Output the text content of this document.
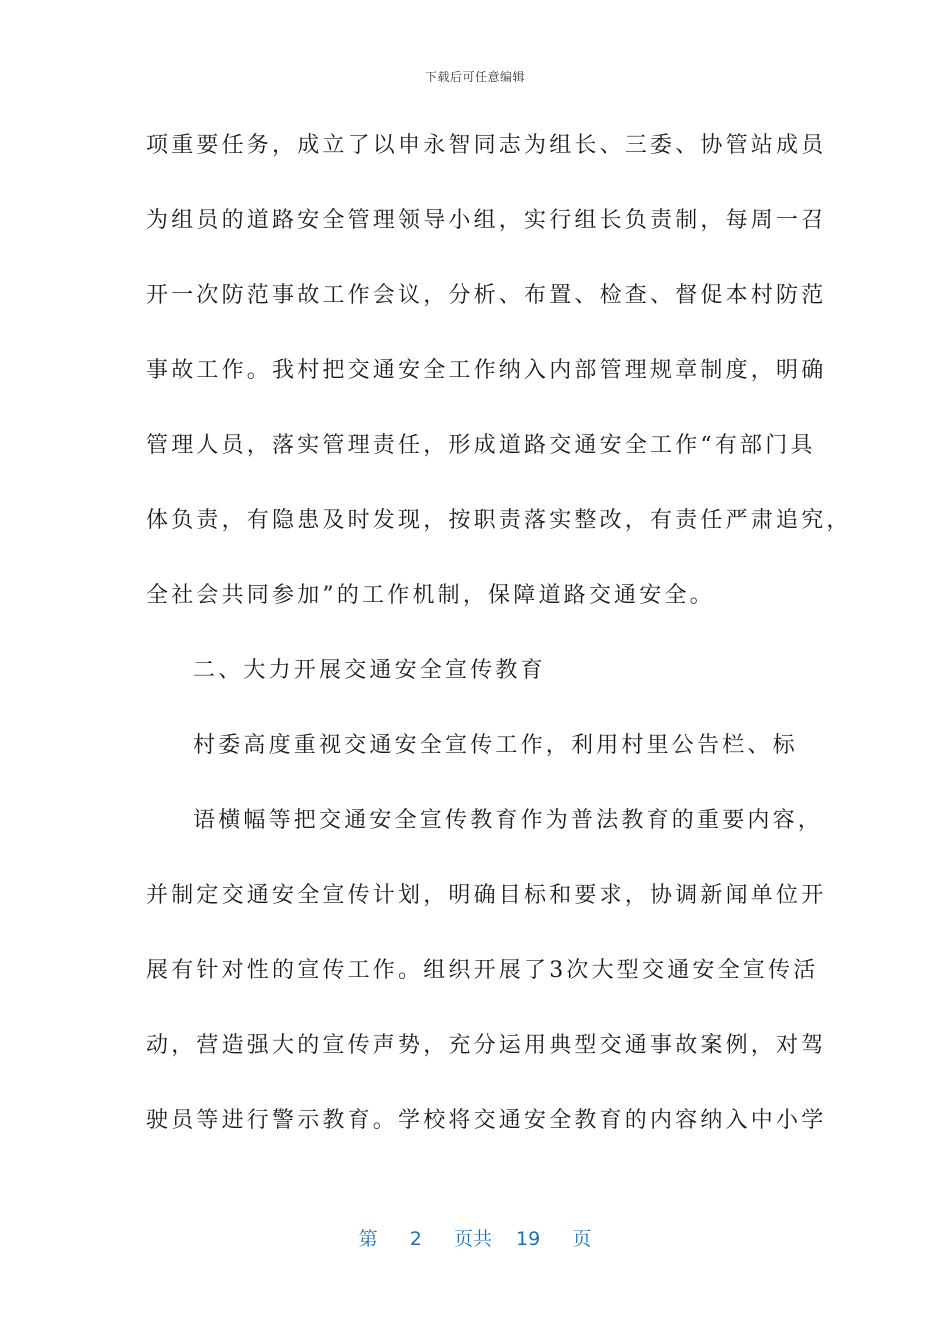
下载后可任意编辑
项重要任务，成立了以申永智同志为组长、三委、协管站成员
为组员的道路安全管理领导小组，实行组长负责制，每周一召
开一次防范事故工作会议，分析、布置、检查、督促本村防范
事故工作。我村把交通安全工作纳入内部管理规章制度，明确
管理人员，落实管理责任，形成道路交通安全工作“有部门具
体负责，有隐患及时发现，按职责落实整改，有责任严肃追究，
全社会共同参加”的工作机制，保障道路交通安全。
二、大力开展交通安全宣传教育
村委高度重视交通安全宣传工作，利用村里公告栏、标
语横幅等把交通安全宣传教育作为普法教育的重要内容，
并制定交通安全宣传计划，明确目标和要求，协调新闻单位开
展有针对性的宣传工作。组织开展了3次大型交通安全宣传活
动，营造强大的宣传声势，充分运用典型交通事故案例，对驾
驶员等进行警示教育。学校将交通安全教育的内容纳入中小学
第 2 页共 19 页
